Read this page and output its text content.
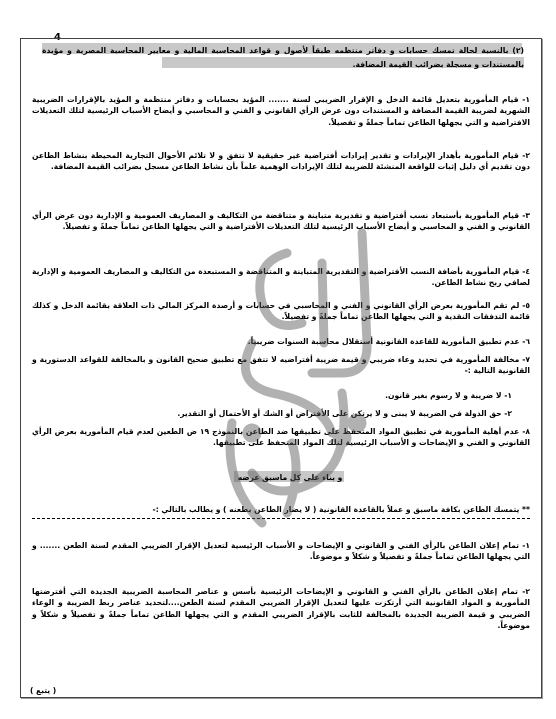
4
(٢) بالنسبة لحالة تمسك حسابات و دفاتر منتظمه طبقاً لأصول و قواعد المحاسبة المالية و معايير المحاسبة المصرية و مؤيدة بالمستندات و مسجلة بضرائب القيمة المضافة.
١- قيام المأمورية بتعديل قائمة الدخل و الإقرار الضريبي لسنة ....... المؤيد بحسابات و دفاتر منتظمة و المؤيد بالإقرارات الضريبية الشهرية لضريبة القيمة المضافة و المستندات دون عرض الرأي القانوني و الفني و المحاسبي و أيضاح الأسباب الرئيسية لتلك التعديلات الافتراضية و التي يجهلها الطاعن تماماً جملةً و تفصيلاً.
٢- قيام المأمورية بأهدار الإيرادات و تقدير إيرادات أفتراضية غير حقيقية لا تتفق و لا تلائم الأحوال التجارية المحيطة بنشاط الطاعن دون تقديم أي دليل إثبات للواقعة المنشئة للضريبة لتلك الإيرادات الوهمية علماً بأن نشاط الطاعن مسجل بضرائب القيمة المضافة.
٣- قيام المأمورية بأستبعاد نسب أفتراضية و تقديرية متباينة و متناقضة من التكاليف و المصاريف العمومية و الإدارية دون عرض الرأي القانوني و الفني و المحاسبي و أيضاح الأسباب الرئيسية لتلك التعديلات الأفتراضية و التي يجهلها الطاعن تماماً جملةً و تفصيلاً.
٤- قيام المأمورية بأضافة النسب الأفتراضية و التقديرية المتباينة و المتناقضة و المستبعدة من التكاليف و المصاريف العمومية و الإدارية لصافي ربح نشاط الطاعن.
٥- لم تقم المأمورية بعرض الرأي القانوني و الفني و المحاسبي في حسابات و أرصدة المركز المالي ذات العلاقة بقائمة الدخل و كذلك قائمة التدفقات النقدية و التي يجهلها الطاعن تماماً جملةً و تفصيلاً.
٦- عدم تطبيق المأمورية للقاعدة القانونية أستقلال محاسبة السنوات ضريبياً.
٧- مخالفة المأمورية في تحديد وعاء ضريبي و قيمة ضريبة أفتراضيه لا تتفق مع تطبيق صحيح القانون و بالمخالفة للقواعد الدستورية و القانونية التالية :-
١- لا ضريبة و لا رسوم بغير قانون.
٢- حق الدولة في الضريبة لا يبنى و لا يرتكن على الأفتراض أو الشك أو الأحتمال أو التقدير.
٨- عدم أهلية المأمورية في تطبيق المواد المتحفظ على تطبيقها ضد الطاعن بالنموذج ١٩ ض الطعين لعدم قيام المأمورية بعرض الرأي القانوني و الفني و الإيضاحات و الأسباب الرئيسية لتلك المواد المتحفظ على تطبيقها.
و بناء على كل ماسبق عرضه
** يتمسك الطاعن بكافة ماسبق و عملاً بالقاعدة القانونية ( لا يضار الطاعن بطعنه ) و يطالب بالتالي :-
١- تمام إعلان الطاعن بالرأي الفني و القانوني و الإيضاحات و الأسباب الرئيسية لتعديل الإقرار الضريبي المقدم لسنة الطعن ....... و التي يجهلها الطاعن تماماً جملةً و تفصيلاً و شكلاً و موضوعاً.
٢- تمام إعلان الطاعن بالرأي الفني و القانوني و الإيضاحات الرئيسية بأسس و عناصر المحاسبة الضريبية الجديدة التي أفترضتها المأمورية و المواد القانونية التي أرتكزت عليها لتعديل الإقرار الضريبي المقدم لسنة الطعن....لتحديد عناصر ربط الضريبة و الوعاء الضريبي و قيمة الضريبة الجديدة بالمخالفة للثابت بالإقرار الضريبي المقدم و التي يجهلها الطاعن تماماً جملةً و تفصيلاً و شكلاً و موضوعاً.
( يتبع )
